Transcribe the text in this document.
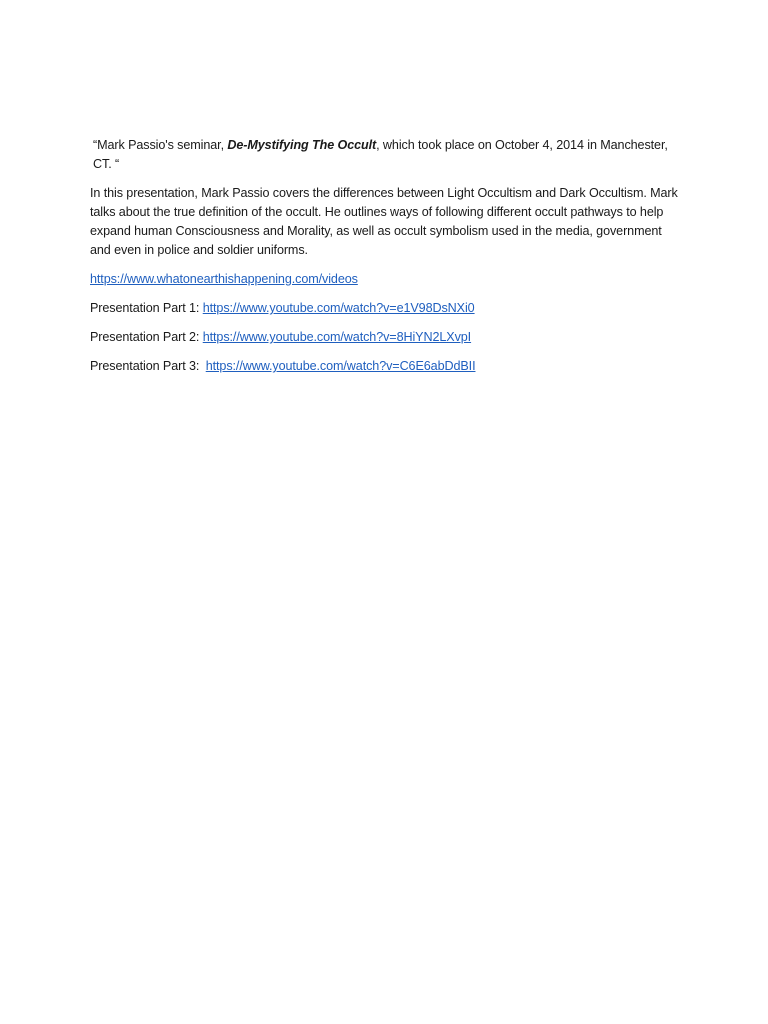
“Mark Passio's seminar, De-Mystifying The Occult, which took place on October 4, 2014 in Manchester, CT. “

In this presentation, Mark Passio covers the differences between Light Occultism and Dark Occultism. Mark talks about the true definition of the occult. He outlines ways of following different occult pathways to help expand human Consciousness and Morality, as well as occult symbolism used in the media, government and even in police and soldier uniforms.

https://www.whatonearthishappening.com/videos

Presentation Part 1: https://www.youtube.com/watch?v=e1V98DsNXi0

Presentation Part 2: https://www.youtube.com/watch?v=8HiYN2LXvpI

Presentation Part 3: https://www.youtube.com/watch?v=C6E6abDdBII
